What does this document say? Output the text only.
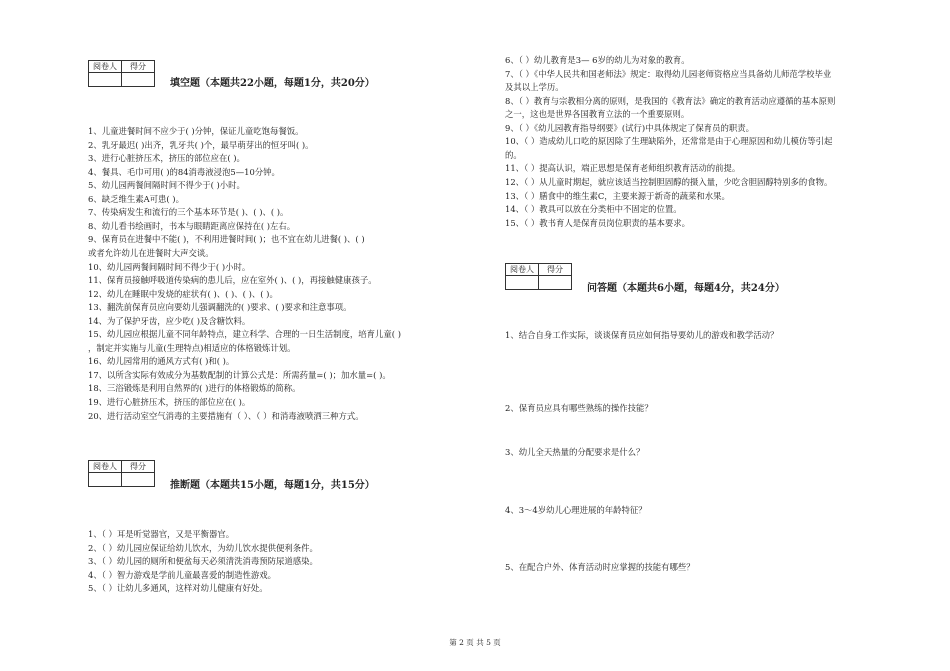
阅卷人	得分

填空题（本题共22小题，每题1分，共20分）
1、儿童进餐时间不应少于( )分钟，保证儿童吃饱每餐饭。
2、乳牙最迟( )出齐，乳牙共( )个，最早萌芽出的恒牙叫( )。
3、进行心脏挤压术，挤压的部位应在( )。
4、餐具、毛巾可用( )的84消毒液浸泡5—10分钟。
5、幼儿园两餐间隔时间不得少于( )小时。
6、缺乏维生素A可患( )。
7、传染病发生和流行的三个基本环节是( )、( )、( )。
8、幼儿看书绘画时，书本与眼睛距离应保持在( )左右。
9、保育员在进餐中不能( )，不利用进餐时间( )；也不宜在幼儿进餐( )、( )
或者允许幼儿在进餐时大声交谈。
10、幼儿园两餐间隔时间不得少于( )小时。
11、保育员接触呼吸道传染病的患儿后，应在室外( )、( )，再接触健康孩子。
12、幼儿在睡眠中发烧的症状有( )、( )、( )、( )。
13、翻洗前保育员应向要幼儿强调翻洗的( )要求、( )要求和注意事项。
14、为了保护牙齿，应少吃( )及含糖饮料。
15、幼儿园应根据儿童不同年龄特点，建立科学、合理的一日生活制度，培育儿童( )
，制定并实施与儿童(生理特点)相适应的体格锻炼计划。
16、幼儿园常用的通风方式有( )和( )。
17、以所含实际有效成分为基数配制的计算公式是：所需药量=( )；加水量=( )。
18、三浴锻炼是利用自然界的( )进行的体格锻炼的简称。
19、进行心脏挤压术，挤压的部位应在( )。
20、进行活动室空气消毒的主要措施有（ ）、（ ）和消毒液喷洒三种方式。
阅卷人	得分

推断题（本题共15小题，每题1分，共15分）
1、（ ）耳是听觉器官，又是平衡器官。
2、（ ）幼儿园应保证给幼儿饮水，为幼儿饮水提供便利条件。
3、（ ）幼儿园的厕所和便盆每天必须清洗消毒预防尿道感染。
4、（ ）智力游戏是学前儿童最喜爱的制造性游戏。
5、（ ）让幼儿多通风，这样对幼儿健康有好处。
6、（ ）幼儿教育是3— 6岁的幼儿为对象的教育。
7、（ ）《中华人民共和国老师法》规定：取得幼儿园老师资格应当具备幼儿师范学校毕业
及其以上学历。
8、（ ）教育与宗教相分离的原则，是我国的《教育法》确定的教育活动应遵循的基本原则
之一，这也是世界各国教育立法的一个重要原则。
9、（ ）《幼儿园教育指导纲要》(试行)中具体规定了保育员的职责。
10、（ ）造成幼儿口吃的原因除了生理缺陷外，还常常是由于心理原因和幼儿模仿等引起
的。
11、（ ）提高认识，端正思想是保育老师组织教育活动的前提。
12、（ ）从儿童时期起，就应该适当控制胆固醇的摄入量，少吃含胆固醇特别多的食物。
13、（ ）膳食中的维生素C，主要来源于新奇的蔬菜和水果。
14、（ ）教具可以放在分类柜中不固定的位置。
15、（ ）教书育人是保育员岗位职责的基本要求。
阅卷人	得分

问答题（本题共6小题，每题4分，共24分）
1、结合自身工作实际，谈谈保育员应如何指导要幼儿的游戏和教学活动？
2、保育员应具有哪些熟练的操作技能？
3、幼儿全天热量的分配要求是什么？
4、3～4岁幼儿心理进展的年龄特征？
5、在配合户外、体育活动时应掌握的技能有哪些？
第 2 页 共 5 页
